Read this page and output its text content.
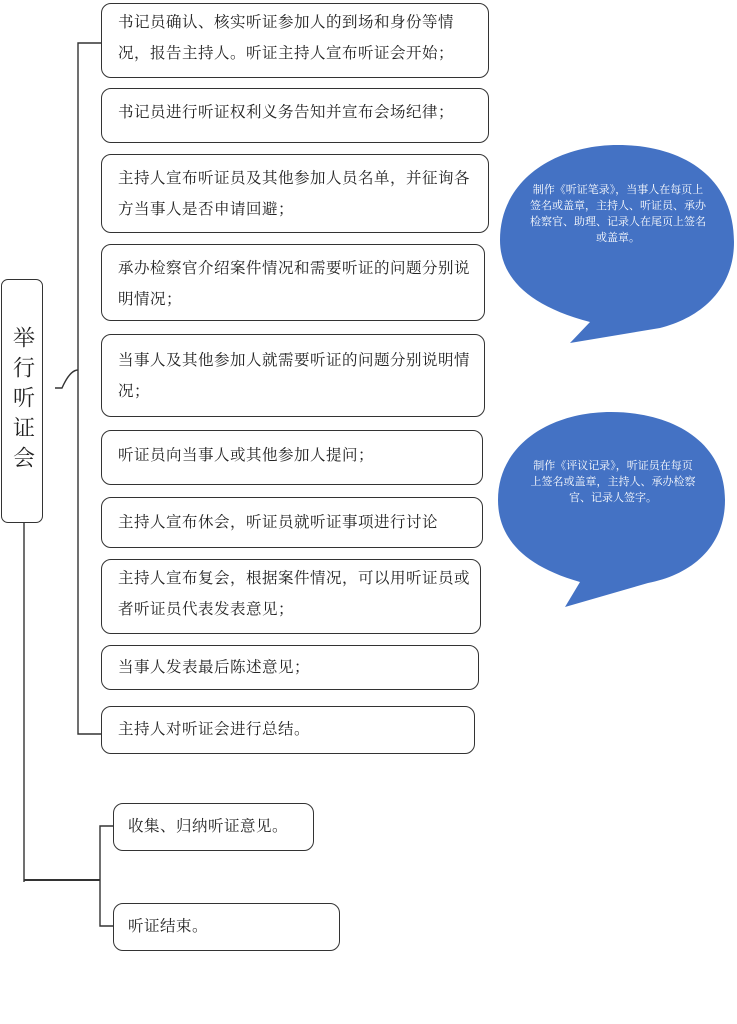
举行听证会
书记员确认、核实听证参加人的到场和身份等情况，报告主持人。听证主持人宣布听证会开始；
书记员进行听证权利义务告知并宣布会场纪律；
主持人宣布听证员及其他参加人员名单，并征询各方当事人是否申请回避；
承办检察官介绍案件情况和需要听证的问题分别说明情况；
当事人及其他参加人就需要听证的问题分别说明情况；
听证员向当事人或其他参加人提问；
主持人宣布休会，听证员就听证事项进行讨论
主持人宣布复会，根据案件情况，可以用听证员或者听证员代表发表意见；
当事人发表最后陈述意见；
主持人对听证会进行总结。
收集、归纳听证意见。
听证结束。
制作《听证笔录》，当事人在每页上签名或盖章，主持人、听证员、承办检察官、助理、记录人在尾页上签名或盖章。
制作《评议记录》，听证员在每页上签名或盖章，主持人、承办检察官、记录人签字。
